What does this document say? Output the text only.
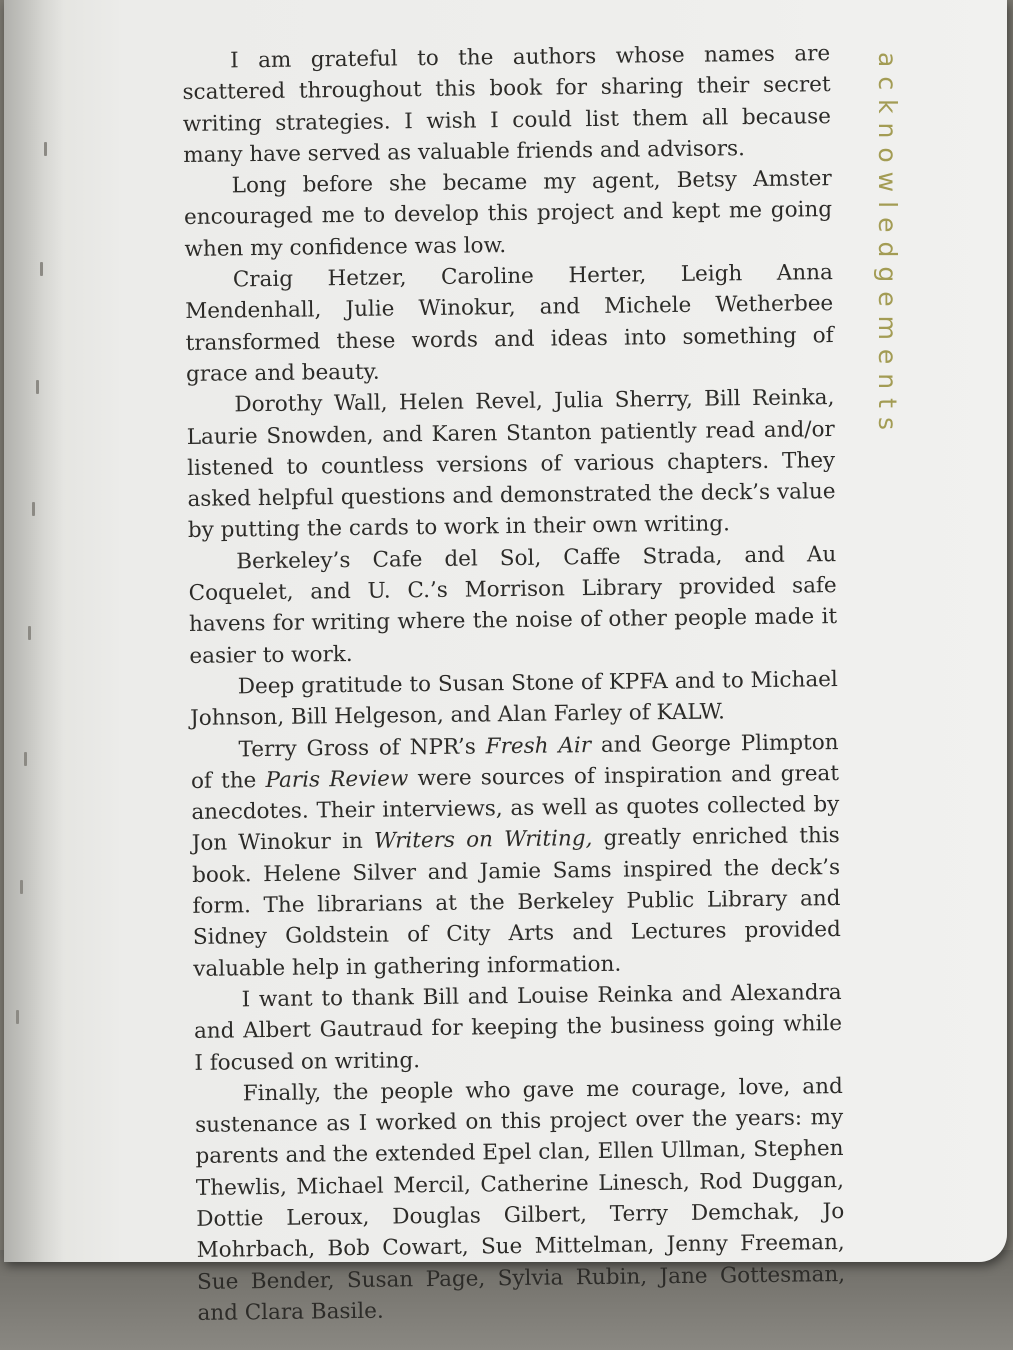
acknowledgements

I am grateful to the authors whose names are scattered throughout this book for sharing their secret writing strategies. I wish I could list them all because many have served as valuable friends and advisors.

Long before she became my agent, Betsy Amster encouraged me to develop this project and kept me going when my confidence was low.

Craig Hetzer, Caroline Herter, Leigh Anna Mendenhall, Julie Winokur, and Michele Wetherbee transformed these words and ideas into something of grace and beauty.

Dorothy Wall, Helen Revel, Julia Sherry, Bill Reinka, Laurie Snowden, and Karen Stanton patiently read and/or listened to countless versions of various chapters. They asked helpful questions and demonstrated the deck’s value by putting the cards to work in their own writing.

Berkeley’s Cafe del Sol, Caffe Strada, and Au Coquelet, and U. C.’s Morrison Library provided safe havens for writing where the noise of other people made it easier to work.

Deep gratitude to Susan Stone of KPFA and to Michael Johnson, Bill Helgeson, and Alan Farley of KALW.

Terry Gross of NPR’s Fresh Air and George Plimpton of the Paris Review were sources of inspiration and great anecdotes. Their interviews, as well as quotes collected by Jon Winokur in Writers on Writing, greatly enriched this book. Helene Silver and Jamie Sams inspired the deck’s form. The librarians at the Berkeley Public Library and Sidney Goldstein of City Arts and Lectures provided valuable help in gathering information.

I want to thank Bill and Louise Reinka and Alexandra and Albert Gautraud for keeping the business going while I focused on writing.

Finally, the people who gave me courage, love, and sustenance as I worked on this project over the years: my parents and the extended Epel clan, Ellen Ullman, Stephen Thewlis, Michael Mercil, Catherine Linesch, Rod Duggan, Dottie Leroux, Douglas Gilbert, Terry Demchak, Jo Mohrbach, Bob Cowart, Sue Mittelman, Jenny Freeman, Sue Bender, Susan Page, Sylvia Rubin, Jane Gottesman, and Clara Basile.
